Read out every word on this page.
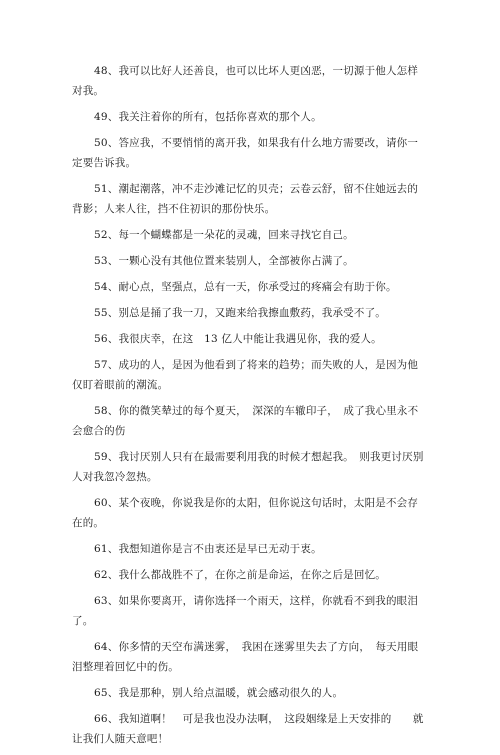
48、我可以比好人还善良，也可以比坏人更凶恶，一切源于他人怎样对我。

49、我关注着你的所有，包括你喜欢的那个人。

50、答应我，不要悄悄的离开我，如果我有什么地方需要改，请你一定要告诉我。

51、潮起潮落，冲不走沙滩记忆的贝壳；云卷云舒，留不住她远去的背影；人来人往，挡不住初识的那份快乐。

52、每一个蝴蝶都是一朵花的灵魂，回来寻找它自己。

53、一颗心没有其他位置来装别人，全部被你占满了。

54、耐心点，坚强点，总有一天，你承受过的疼痛会有助于你。

55、别总是捅了我一刀，又跑来给我擦血敷药，我承受不了。

56、我很庆幸，在这　13 亿人中能让我遇见你，我的爱人。

57、成功的人，是因为他看到了将来的趋势；而失败的人，是因为他仅盯着眼前的潮流。

58、你的微笑辇过的每个夏天，　深深的车辙印子，　成了我心里永不会愈合的伤

59、我讨厌别人只有在最需要利用我的时候才想起我。　则我更讨厌别人对我忽冷忽热。

60、某个夜晚，你说我是你的太阳，但你说这句话时，太阳是不会存在的。

61、我想知道你是言不由衷还是早已无动于衷。

62、我什么都战胜不了，在你之前是命运，在你之后是回忆。

63、如果你要离开，请你选择一个雨天，这样，你就看不到我的眼泪了。

64、你多情的天空布满迷雾，　我困在迷雾里失去了方向，　每天用眼泪整理着回忆中的伤。

65、我是那种，别人给点温暖，就会感动很久的人。

66、我知道啊！　可是我也没办法啊，　这段姻缘是上天安排的　　就让我们人随天意吧！
